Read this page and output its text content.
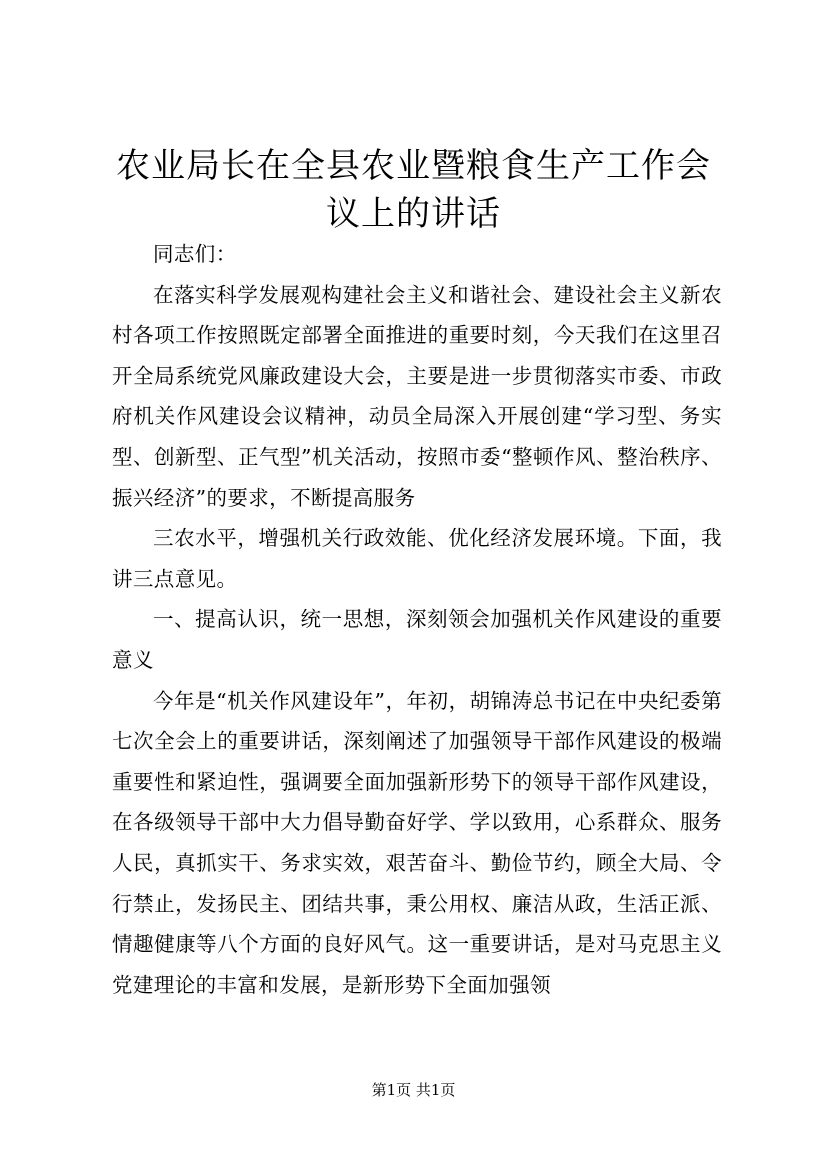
农业局长在全县农业暨粮食生产工作会议上的讲话

同志们：

在落实科学发展观构建社会主义和谐社会、建设社会主义新农村各项工作按照既定部署全面推进的重要时刻，今天我们在这里召开全局系统党风廉政建设大会，主要是进一步贯彻落实市委、市政府机关作风建设会议精神，动员全局深入开展创建“学习型、务实型、创新型、正气型”机关活动，按照市委“整顿作风、整治秩序、振兴经济”的要求，不断提高服务

三农水平，增强机关行政效能、优化经济发展环境。下面，我讲三点意见。

一、提高认识，统一思想，深刻领会加强机关作风建设的重要意义

今年是“机关作风建设年”，年初，胡锦涛总书记在中央纪委第七次全会上的重要讲话，深刻阐述了加强领导干部作风建设的极端重要性和紧迫性，强调要全面加强新形势下的领导干部作风建设，在各级领导干部中大力倡导勤奋好学、学以致用，心系群众、服务人民，真抓实干、务求实效，艰苦奋斗、勤俭节约，顾全大局、令行禁止，发扬民主、团结共事，秉公用权、廉洁从政，生活正派、情趣健康等八个方面的良好风气。这一重要讲话，是对马克思主义党建理论的丰富和发展，是新形势下全面加强领

第1页 共1页
